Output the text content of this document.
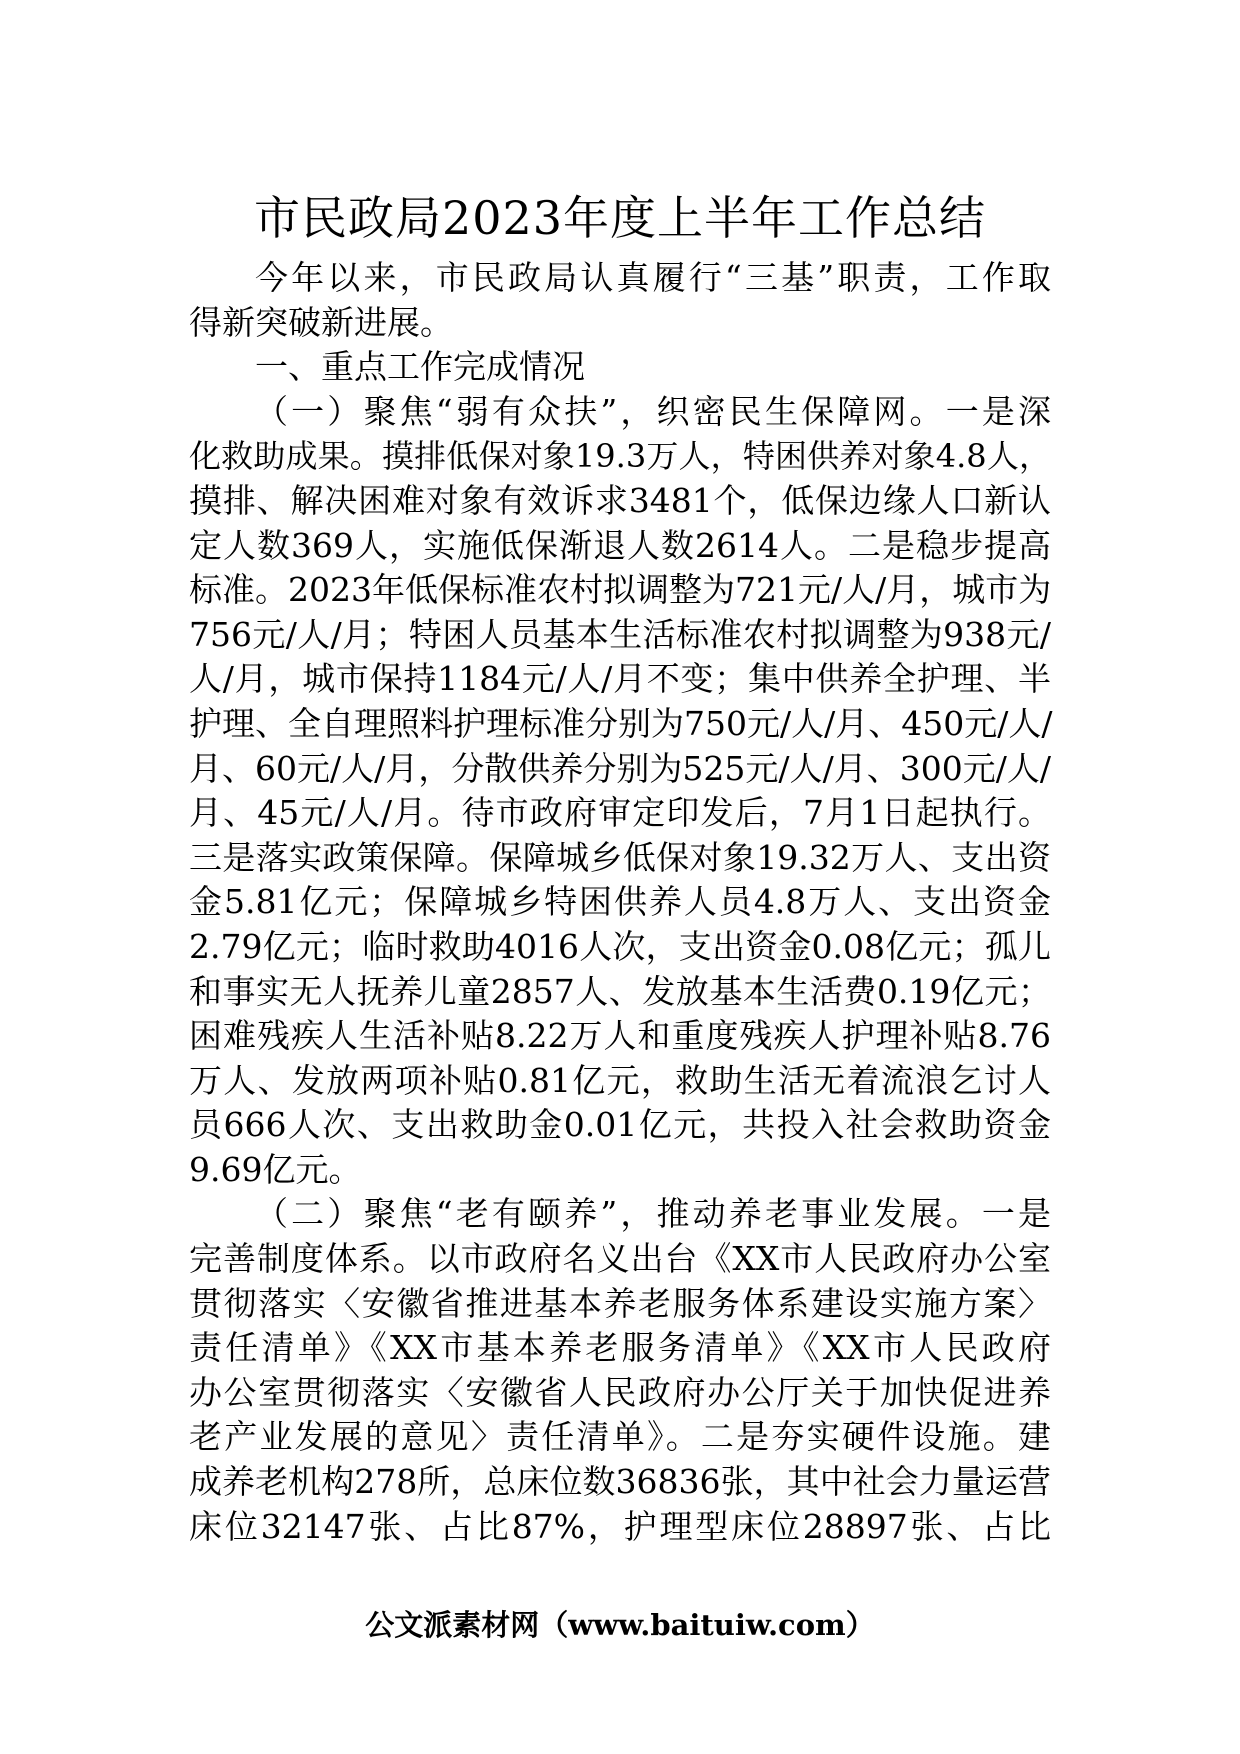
市民政局2023年度上半年工作总结
今年以来，市民政局认真履行“三基”职责，工作取
得新突破新进展。
一、重点工作完成情况
（一）聚焦“弱有众扶”，织密民生保障网。一是深
化救助成果。摸排低保对象19.3万人，特困供养对象4.8人，
摸排、解决困难对象有效诉求3481个，低保边缘人口新认
定人数369人，实施低保渐退人数2614人。二是稳步提高
标准。2023年低保标准农村拟调整为721元/人/月，城市为
756元/人/月；特困人员基本生活标准农村拟调整为938元/
人/月，城市保持1184元/人/月不变；集中供养全护理、半
护理、全自理照料护理标准分别为750元/人/月、450元/人/
月、60元/人/月，分散供养分别为525元/人/月、300元/人/
月、45元/人/月。待市政府审定印发后，7月1日起执行。
三是落实政策保障。保障城乡低保对象19.32万人、支出资
金5.81亿元；保障城乡特困供养人员4.8万人、支出资金
2.79亿元；临时救助4016人次，支出资金0.08亿元；孤儿
和事实无人抚养儿童2857人、发放基本生活费0.19亿元；
困难残疾人生活补贴8.22万人和重度残疾人护理补贴8.76
万人、发放两项补贴0.81亿元，救助生活无着流浪乞讨人
员666人次、支出救助金0.01亿元，共投入社会救助资金
9.69亿元。
（二）聚焦“老有颐养”，推动养老事业发展。一是
完善制度体系。以市政府名义出台《XX市人民政府办公室
贯彻落实〈安徽省推进基本养老服务体系建设实施方案〉
责任清单》《XX市基本养老服务清单》《XX市人民政府
办公室贯彻落实〈安徽省人民政府办公厅关于加快促进养
老产业发展的意见〉责任清单》。二是夯实硬件设施。建
成养老机构278所，总床位数36836张，其中社会力量运营
床位32147张、占比87%，护理型床位28897张、占比
公文派素材网（www.baituiw.com）
